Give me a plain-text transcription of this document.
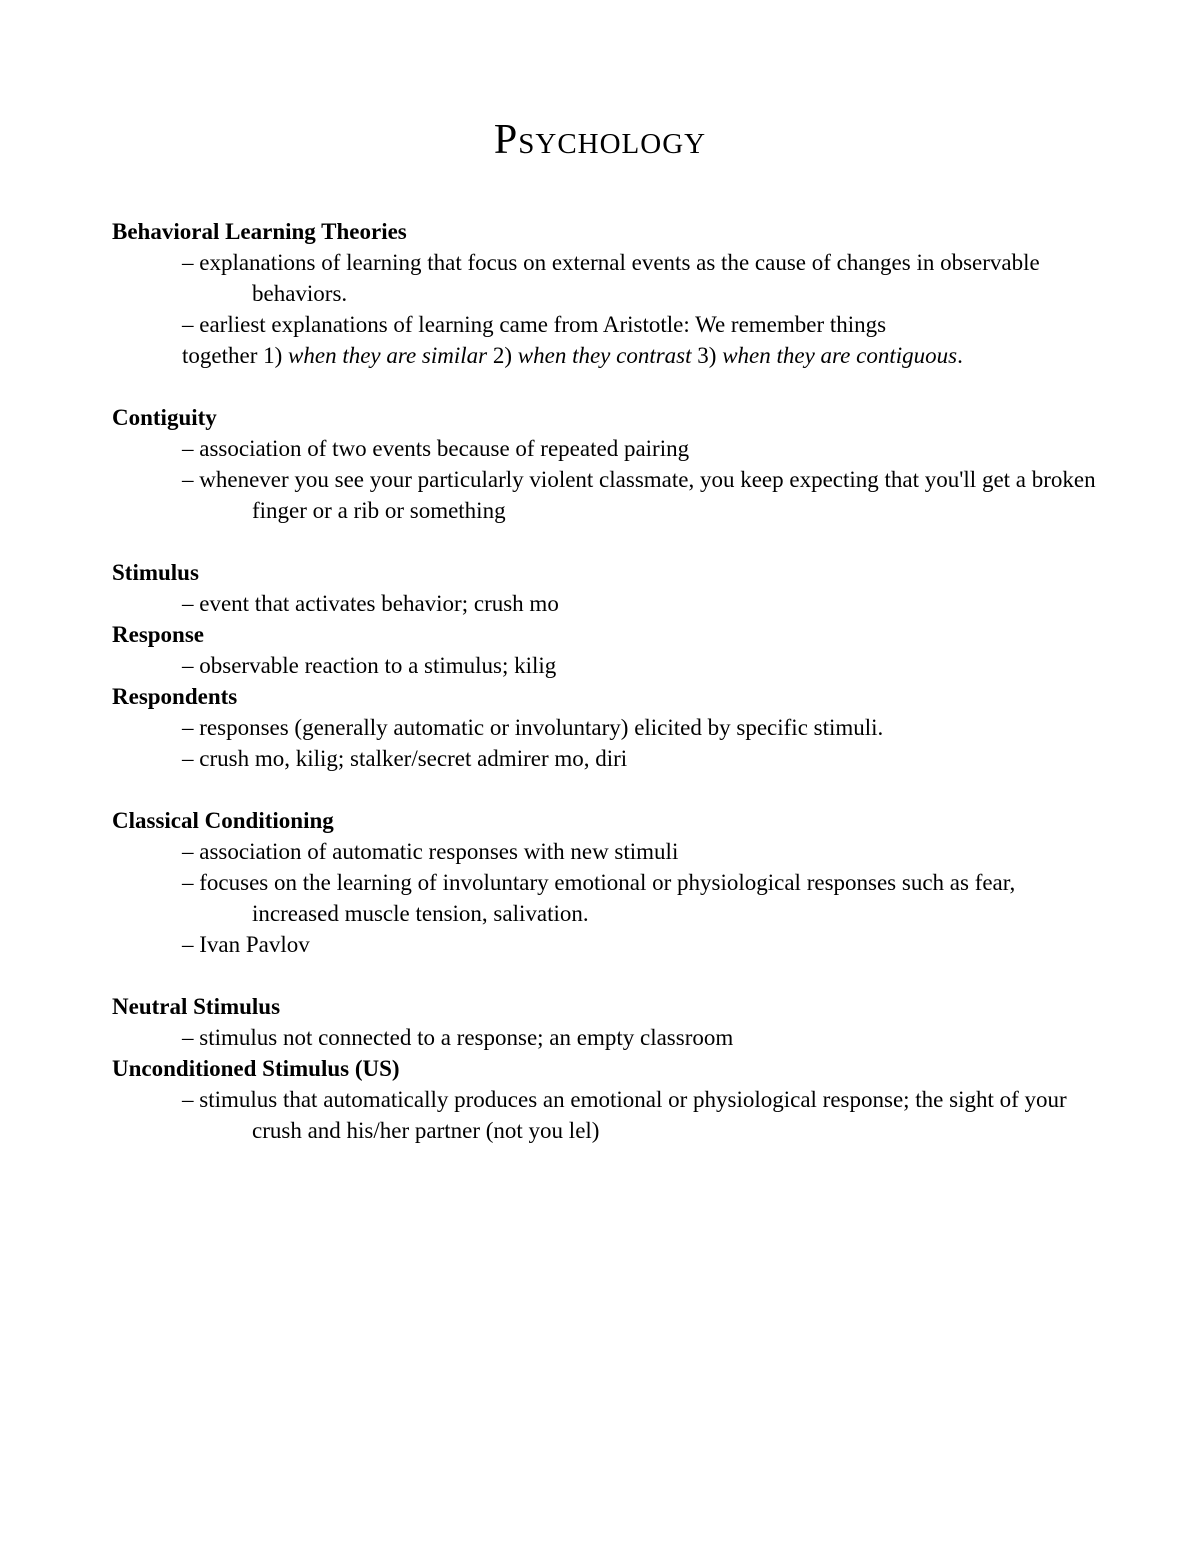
Psychology

Behavioral Learning Theories

– explanations of learning that focus on external events as the cause of changes in observable behaviors.

– earliest explanations of learning came from Aristotle: We remember things

together 1) when they are similar 2) when they contrast 3) when they are contiguous.

Contiguity

– association of two events because of repeated pairing

– whenever you see your particularly violent classmate, you keep expecting that you'll get a broken finger or a rib or something

Stimulus

– event that activates behavior; crush mo

Response

– observable reaction to a stimulus; kilig

Respondents

– responses (generally automatic or involuntary) elicited by specific stimuli.

– crush mo, kilig; stalker/secret admirer mo, diri

Classical Conditioning

– association of automatic responses with new stimuli

– focuses on the learning of involuntary emotional or physiological responses such as fear, increased muscle tension, salivation.

– Ivan Pavlov

Neutral Stimulus

– stimulus not connected to a response; an empty classroom

Unconditioned Stimulus (US)

– stimulus that automatically produces an emotional or physiological response; the sight of your crush and his/her partner (not you lel)
